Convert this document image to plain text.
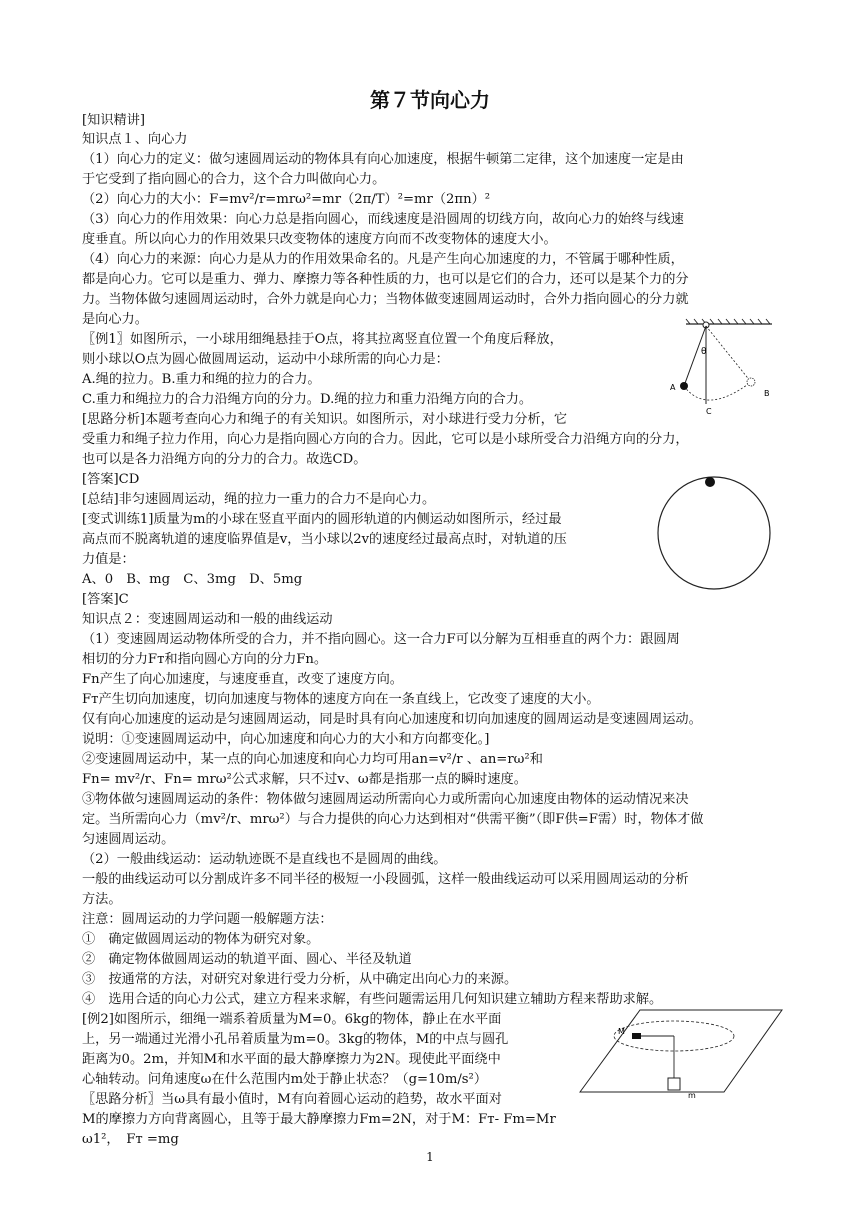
第７节向心力
[知识精讲]
知识点１、向心力
（1）向心力的定义：做匀速圆周运动的物体具有向心加速度，根据牛顿第二定律，这个加速度一定是由
于它受到了指向圆心的合力，这个合力叫做向心力。
（2）向心力的大小：F=mv²/r=mrω²=mr（2π/T）²=mr（2πn）²
（3）向心力的作用效果：向心力总是指向圆心，而线速度是沿圆周的切线方向，故向心力的始终与线速
度垂直。所以向心力的作用效果只改变物体的速度方向而不改变物体的速度大小。
（4）向心力的来源：向心力是从力的作用效果命名的。凡是产生向心加速度的力，不管属于哪种性质，
都是向心力。它可以是重力、弹力、摩擦力等各种性质的力，也可以是它们的合力，还可以是某个力的分
力。当物体做匀速圆周运动时，合外力就是向心力；当物体做变速圆周运动时，合外力指向圆心的分力就
是向心力。
〖例1〗如图所示，一小球用细绳悬挂于O点，将其拉离竖直位置一个角度后释放，
则小球以O点为圆心做圆周运动，运动中小球所需的向心力是：
A.绳的拉力。B.重力和绳的拉力的合力。
C.重力和绳拉力的合力沿绳方向的分力。D.绳的拉力和重力沿绳方向的合力。
[思路分析]本题考查向心力和绳子的有关知识。如图所示，对小球进行受力分析，它
受重力和绳子拉力作用，向心力是指向圆心方向的合力。因此，它可以是小球所受合力沿绳方向的分力，
也可以是各力沿绳方向的分力的合力。故选CD。
[答案]CD
[总结]非匀速圆周运动，绳的拉力一重力的合力不是向心力。
[变式训练1]质量为m的小球在竖直平面内的圆形轨道的内侧运动如图所示，经过最
高点而不脱离轨道的速度临界值是v，当小球以2v的速度经过最高点时，对轨道的压
力值是：
A、0　B、mg　C、3mg　D、5mg
[答案]C
知识点２：变速圆周运动和一般的曲线运动
（1）变速圆周运动物体所受的合力，并不指向圆心。这一合力F可以分解为互相垂直的两个力：跟圆周
相切的分力Fт和指向圆心方向的分力Fn。
Fn产生了向心加速度，与速度垂直，改变了速度方向。
Fт产生切向加速度，切向加速度与物体的速度方向在一条直线上，它改变了速度的大小。
仅有向心加速度的运动是匀速圆周运动，同是时具有向心加速度和切向加速度的圆周运动是变速圆周运动。
说明：①变速圆周运动中，向心加速度和向心力的大小和方向都变化。]
②变速圆周运动中，某一点的向心加速度和向心力均可用an=v²/r 、an=rω²和
Fn= mv²/r、Fn= mrω²公式求解，只不过v、ω都是指那一点的瞬时速度。
③物体做匀速圆周运动的条件：物体做匀速圆周运动所需向心力或所需向心加速度由物体的运动情况来决
定。当所需向心力（mv²/r、mrω²）与合力提供的向心力达到相对“供需平衡”（即F供=F需）时，物体才做
匀速圆周运动。
（2）一般曲线运动：运动轨迹既不是直线也不是圆周的曲线。
一般的曲线运动可以分割成许多不同半径的极短一小段圆弧，这样一般曲线运动可以采用圆周运动的分析
方法。
注意：圆周运动的力学问题一般解题方法：
①　确定做圆周运动的物体为研究对象。
②　确定物体做圆周运动的轨道平面、圆心、半径及轨道
③　按通常的方法，对研究对象进行受力分析，从中确定出向心力的来源。
④　选用合适的向心力公式，建立方程来求解，有些问题需运用几何知识建立辅助方程来帮助求解。
[例2]如图所示，细绳一端系着质量为M=0。6kg的物体，静止在水平面
上，另一端通过光滑小孔吊着质量为m=0。3kg的物体，M的中点与圆孔
距离为0。2m，并知M和水平面的最大静摩擦力为2N。现使此平面绕中
心轴转动。问角速度ω在什么范围内m处于静止状态？（g=10m/s²）
〖思路分析〗当ω具有最小值时，M有向着圆心运动的趋势，故水平面对
M的摩擦力方向背离圆心，且等于最大静摩擦力Fm=2N，对于M：Fт- Fm=Mr
ω1²，　Fт =mg
θ
A
B
C
M
m
1
